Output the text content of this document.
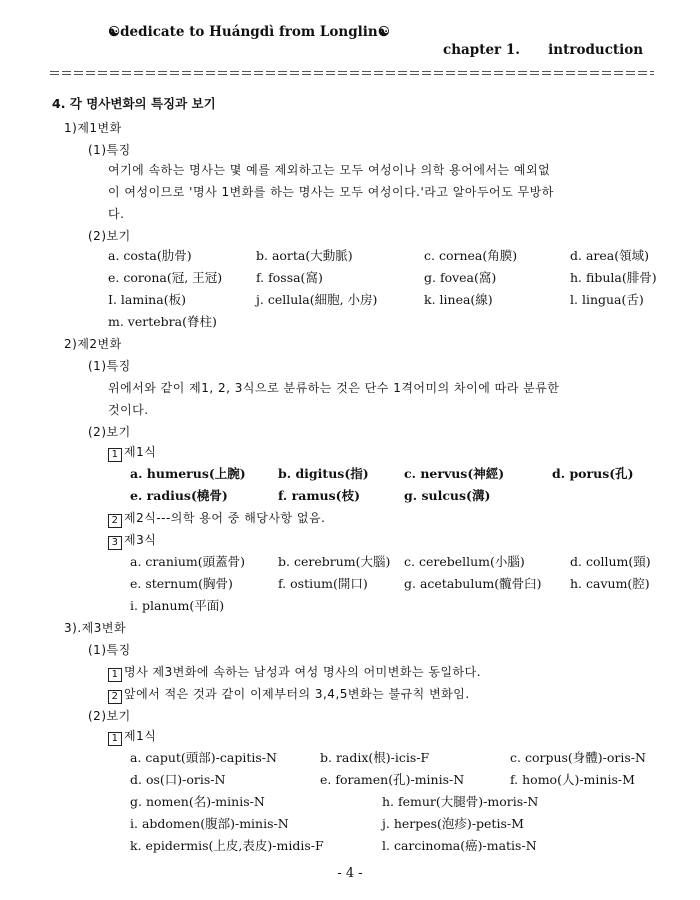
☯dedicate to Huángdì from Longlin☯
chapter 1. introduction
4. 각 명사변화의 특징과 보기
1)제1변화
(1)특징
여기에 속하는 명사는 몇 예를 제외하고는 모두 여성이나 의학 용어에서는 예외없
이 여성이므로 '명사 1변화를 하는 명사는 모두 여성이다.'라고 알아두어도 무방하
다.
(2)보기
a. costa(肋骨)	b. aorta(大動脈)	c. cornea(角膜)	d. area(領域)
e. corona(冠, 王冠)	f. fossa(窩)	g. fovea(窩)	h. fibula(腓骨)
I. lamina(板)	j. cellula(細胞, 小房)	k. linea(線)	l. lingua(舌)
m. vertebra(脊柱)
2)제2변화
(1)특징
위에서와 같이 제1, 2, 3식으로 분류하는 것은 단수 1격어미의 차이에 따라 분류한
것이다.
(2)보기
1 제1식
a. humerus(上腕)	b. digitus(指)	c. nervus(神經)	d. porus(孔)
e. radius(橈骨)	f. ramus(枝)	g. sulcus(溝)
2 제2식---의학 용어 중 해당사항 없음.
3 제3식
a. cranium(頭蓋骨)	b. cerebrum(大腦) c. cerebellum(小腦)	d. collum(頸)
e. sternum(胸骨)	f. ostium(開口)	g. acetabulum(髖骨臼) h. cavum(腔)
i. planum(平面)
3).제3변화
(1)특징
1 명사 제3변화에 속하는 남성과 여성 명사의 어미변화는 동일하다.
2 앞에서 적은 것과 같이 이제부터의 3,4,5변화는 불규칙 변화임.
(2)보기
1 제1식
a. caput(頭部)-capitis-N	b. radix(根)-icis-F	c. corpus(身體)-oris-N
d. os(口)-oris-N	e. foramen(孔)-minis-N	f. homo(人)-minis-M
g. nomen(名)-minis-N	h. femur(大腿骨)-moris-N
i. abdomen(腹部)-minis-N	j. herpes(泡疹)-petis-M
k. epidermis(上皮,表皮)-midis-F	l. carcinoma(癌)-matis-N
- 4 -
